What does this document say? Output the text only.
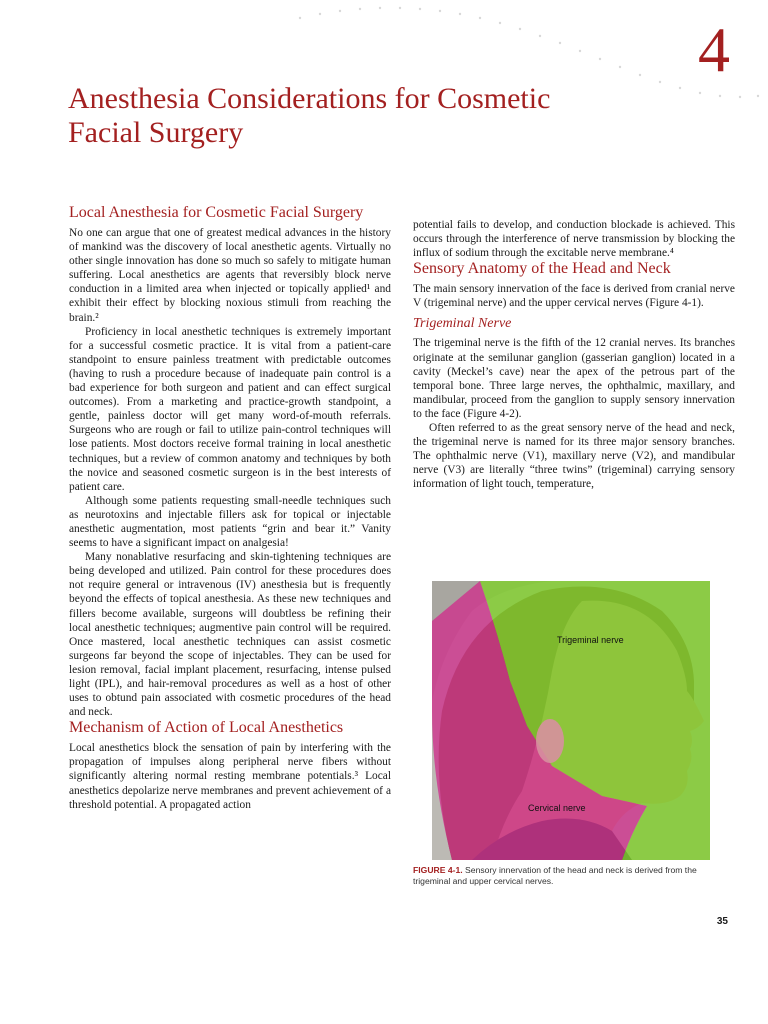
4
Anesthesia Considerations for Cosmetic Facial Surgery
Local Anesthesia for Cosmetic Facial Surgery

No one can argue that one of greatest medical advances in the history of mankind was the discovery of local anesthetic agents. Virtually no other single innovation has done so much so safely to mitigate human suffering. Local anesthetics are agents that reversibly block nerve conduction in a limited area when injected or topically applied¹ and exhibit their effect by blocking noxious stimuli from reaching the brain.²

Proficiency in local anesthetic techniques is extremely important for a successful cosmetic practice. It is vital from a patient-care standpoint to ensure painless treatment with predictable outcomes (having to rush a procedure because of inadequate pain control is a bad experience for both surgeon and patient and can effect surgical outcomes). From a marketing and practice-growth standpoint, a gentle, painless doctor will get many word-of-mouth referrals. Surgeons who are rough or fail to utilize pain-control techniques will lose patients. Most doctors receive formal training in local anesthetic techniques, but a review of common anatomy and techniques by both the novice and seasoned cosmetic surgeon is in the best interests of patient care.

Although some patients requesting small-needle techniques such as neurotoxins and injectable fillers ask for topical or injectable anesthetic augmentation, most patients “grin and bear it.” Vanity seems to have a significant impact on analgesia!

Many nonablative resurfacing and skin-tightening techniques are being developed and utilized. Pain control for these procedures does not require general or intravenous (IV) anesthesia but is frequently beyond the effects of topical anesthesia. As these new techniques and fillers become available, surgeons will doubtless be refining their local anesthetic techniques; augmentive pain control will be required. Once mastered, local anesthetic techniques can assist cosmetic surgeons far beyond the scope of injectables. They can be used for lesion removal, facial implant placement, resurfacing, intense pulsed light (IPL), and hair-removal procedures as well as a host of other uses to obtund pain associated with cosmetic procedures of the head and neck.

Mechanism of Action of Local Anesthetics

Local anesthetics block the sensation of pain by interfering with the propagation of impulses along peripheral nerve fibers without significantly altering normal resting membrane potentials.³ Local anesthetics depolarize nerve membranes and prevent achievement of a threshold potential. A propagated action

potential fails to develop, and conduction blockade is achieved. This occurs through the interference of nerve transmission by blocking the influx of sodium through the excitable nerve membrane.⁴

Sensory Anatomy of the Head and Neck

The main sensory innervation of the face is derived from cranial nerve V (trigeminal nerve) and the upper cervical nerves (Figure 4-1).

Trigeminal Nerve

The trigeminal nerve is the fifth of the 12 cranial nerves. Its branches originate at the semilunar ganglion (gasserian ganglion) located in a cavity (Meckel’s cave) near the apex of the petrous part of the temporal bone. Three large nerves, the ophthalmic, maxillary, and mandibular, proceed from the ganglion to supply sensory innervation to the face (Figure 4-2).

Often referred to as the great sensory nerve of the head and neck, the trigeminal nerve is named for its three major sensory branches. The ophthalmic nerve (V1), maxillary nerve (V2), and mandibular nerve (V3) are literally “three twins” (trigeminal) carrying sensory information of light touch, temperature,

Trigeminal nerve
Cervical nerve
FIGURE 4-1. Sensory innervation of the head and neck is derived from the trigeminal and upper cervical nerves.
35
